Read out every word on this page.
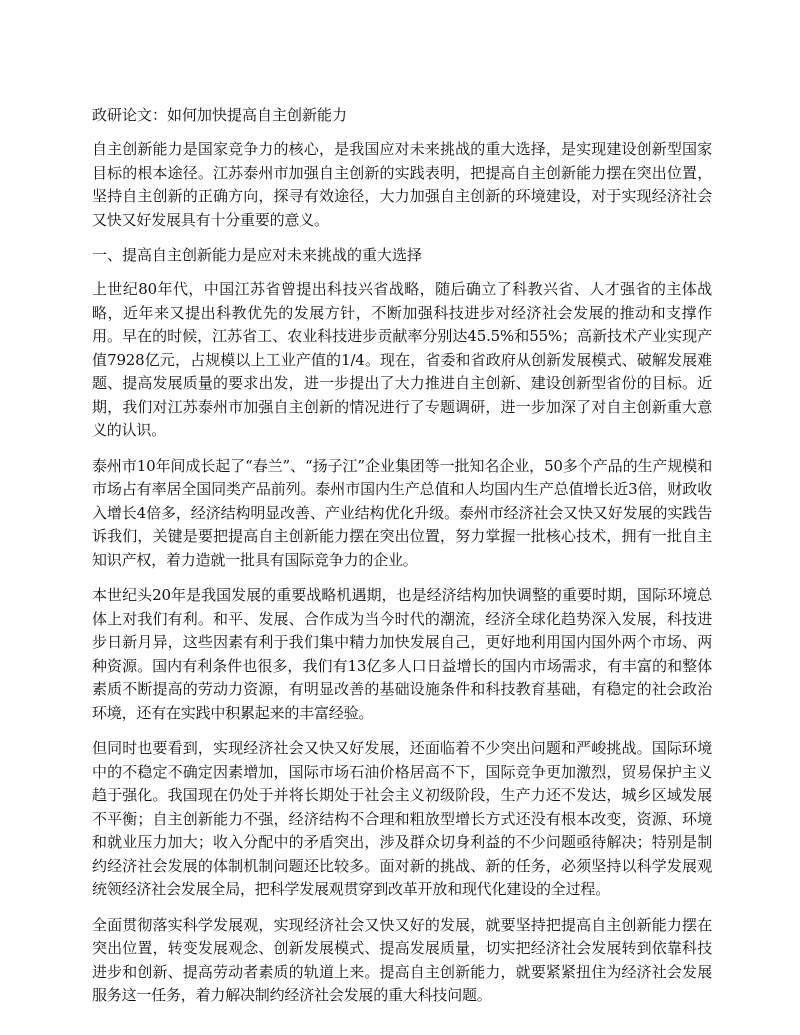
政研论文：如何加快提高自主创新能力

自主创新能力是国家竞争力的核心，是我国应对未来挑战的重大选择，是实现建设创新型国家目标的根本途径。江苏泰州市加强自主创新的实践表明，把提高自主创新能力摆在突出位置，坚持自主创新的正确方向，探寻有效途径，大力加强自主创新的环境建设，对于实现经济社会又快又好发展具有十分重要的意义。

一、提高自主创新能力是应对未来挑战的重大选择

上世纪80年代，中国江苏省曾提出科技兴省战略，随后确立了科教兴省、人才强省的主体战略，近年来又提出科教优先的发展方针，不断加强科技进步对经济社会发展的推动和支撑作用。早在的时候，江苏省工、农业科技进步贡献率分别达45.5%和55%；高新技术产业实现产值7928亿元，占规模以上工业产值的1/4。现在，省委和省政府从创新发展模式、破解发展难题、提高发展质量的要求出发，进一步提出了大力推进自主创新、建设创新型省份的目标。近期，我们对江苏泰州市加强自主创新的情况进行了专题调研，进一步加深了对自主创新重大意义的认识。

泰州市10年间成长起了“春兰”、“扬子江”企业集团等一批知名企业，50多个产品的生产规模和市场占有率居全国同类产品前列。泰州市国内生产总值和人均国内生产总值增长近3倍，财政收入增长4倍多，经济结构明显改善、产业结构优化升级。泰州市经济社会又快又好发展的实践告诉我们，关键是要把提高自主创新能力摆在突出位置，努力掌握一批核心技术，拥有一批自主知识产权，着力造就一批具有国际竞争力的企业。

本世纪头20年是我国发展的重要战略机遇期，也是经济结构加快调整的重要时期，国际环境总体上对我们有利。和平、发展、合作成为当今时代的潮流，经济全球化趋势深入发展，科技进步日新月异，这些因素有利于我们集中精力加快发展自己，更好地利用国内国外两个市场、两种资源。国内有利条件也很多，我们有13亿多人口日益增长的国内市场需求，有丰富的和整体素质不断提高的劳动力资源，有明显改善的基础设施条件和科技教育基础，有稳定的社会政治环境，还有在实践中积累起来的丰富经验。

但同时也要看到，实现经济社会又快又好发展，还面临着不少突出问题和严峻挑战。国际环境中的不稳定不确定因素增加，国际市场石油价格居高不下，国际竞争更加激烈，贸易保护主义趋于强化。我国现在仍处于并将长期处于社会主义初级阶段，生产力还不发达，城乡区域发展不平衡；自主创新能力不强，经济结构不合理和粗放型增长方式还没有根本改变，资源、环境和就业压力加大；收入分配中的矛盾突出，涉及群众切身利益的不少问题亟待解决；特别是制约经济社会发展的体制机制问题还比较多。面对新的挑战、新的任务，必须坚持以科学发展观统领经济社会发展全局，把科学发展观贯穿到改革开放和现代化建设的全过程。

全面贯彻落实科学发展观，实现经济社会又快又好的发展，就要坚持把提高自主创新能力摆在突出位置，转变发展观念、创新发展模式、提高发展质量，切实把经济社会发展转到依靠科技进步和创新、提高劳动者素质的轨道上来。提高自主创新能力，就要紧紧扭住为经济社会发展服务这一任务，着力解决制约经济社会发展的重大科技问题。
